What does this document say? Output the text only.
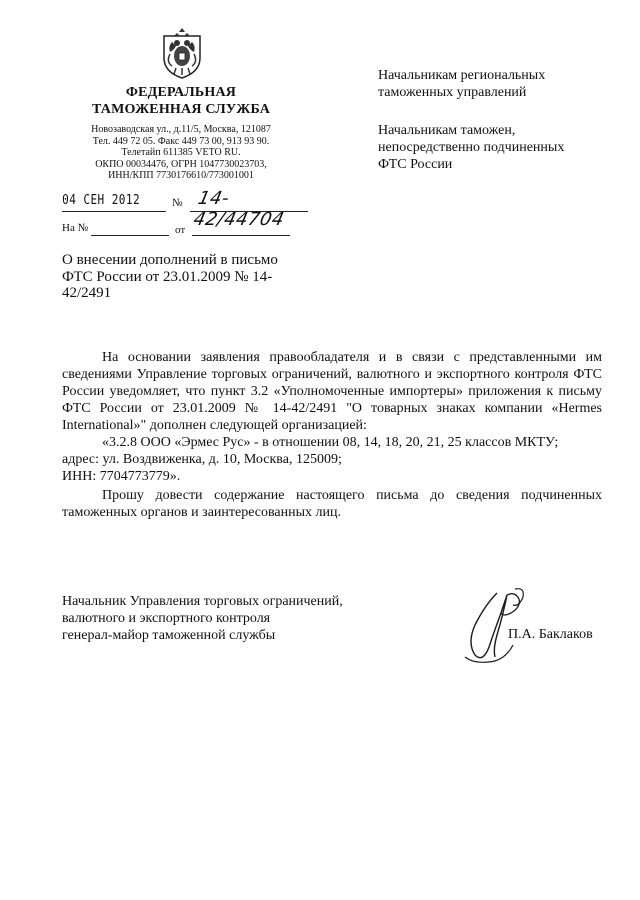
ФЕДЕРАЛЬНАЯ
ТАМОЖЕННАЯ СЛУЖБА
Новозаводская ул., д.11/5, Москва, 121087
Тел. 449 72 05. Факс 449 73 00, 913 93 90.
Телетайп 611385 VETO RU.
ОКПО 00034476, ОГРН 1047730023703,
ИНН/КПП 7730176610/773001001
04 СЕН 2012	№ 14-42/44704
На №	от
О внесении дополнений в письмо ФТС России от 23.01.2009 № 14-42/2491
Начальникам региональных таможенных управлений
Начальникам таможен, непосредственно подчиненных ФТС России

На основании заявления правообладателя и в связи с представленными им сведениями Управление торговых ограничений, валютного и экспортного контроля ФТС России уведомляет, что пункт 3.2 «Уполномоченные импортеры» приложения к письму ФТС России от 23.01.2009 № 14-42/2491 "О товарных знаках компании «Hermes International»" дополнен следующей организацией:

«3.2.8 ООО «Эрмес Рус» - в отношении 08, 14, 18, 20, 21, 25 классов МКТУ;

адрес: ул. Воздвиженка, д. 10, Москва, 125009;

ИНН: 7704773779».

Прошу довести содержание настоящего письма до сведения подчиненных таможенных органов и заинтересованных лиц.

Начальник Управления торговых ограничений,
валютного и экспортного контроля
генерал-майор таможенной службы	П.А. Баклаков
